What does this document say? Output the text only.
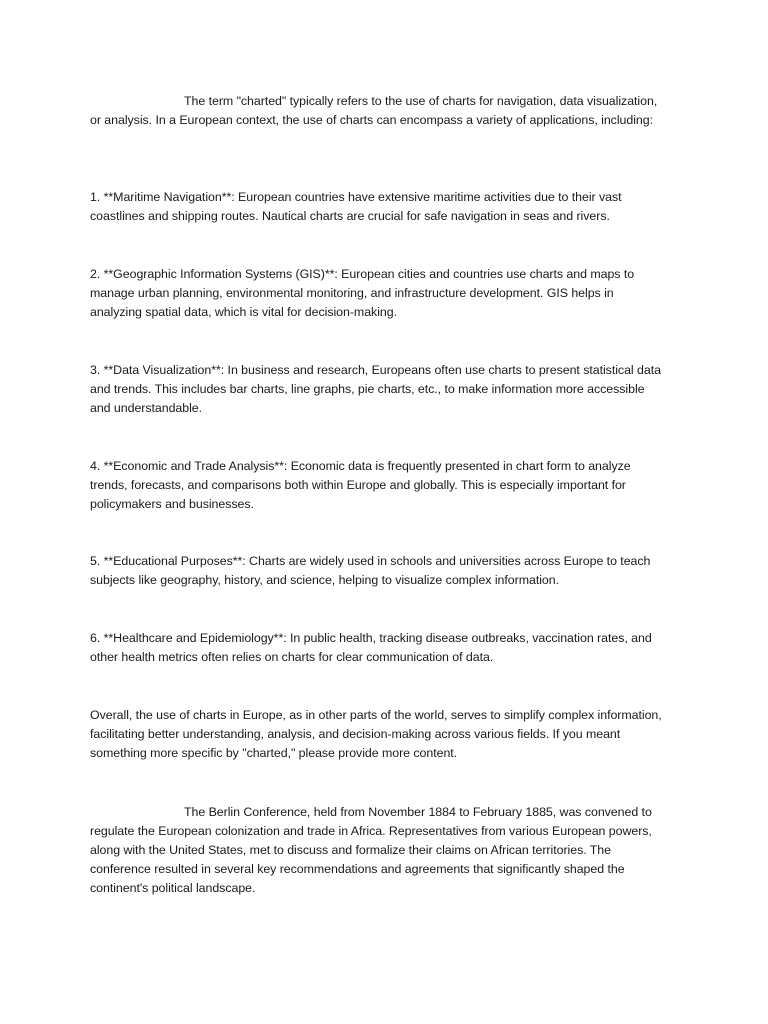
The term "charted" typically refers to the use of charts for navigation, data visualization, or analysis. In a European context, the use of charts can encompass a variety of applications, including:

1. **Maritime Navigation**: European countries have extensive maritime activities due to their vast coastlines and shipping routes. Nautical charts are crucial for safe navigation in seas and rivers.

2. **Geographic Information Systems (GIS)**: European cities and countries use charts and maps to manage urban planning, environmental monitoring, and infrastructure development. GIS helps in analyzing spatial data, which is vital for decision-making.

3. **Data Visualization**: In business and research, Europeans often use charts to present statistical data and trends. This includes bar charts, line graphs, pie charts, etc., to make information more accessible and understandable.

4. **Economic and Trade Analysis**: Economic data is frequently presented in chart form to analyze trends, forecasts, and comparisons both within Europe and globally. This is especially important for policymakers and businesses.

5. **Educational Purposes**: Charts are widely used in schools and universities across Europe to teach subjects like geography, history, and science, helping to visualize complex information.

6. **Healthcare and Epidemiology**: In public health, tracking disease outbreaks, vaccination rates, and other health metrics often relies on charts for clear communication of data.

Overall, the use of charts in Europe, as in other parts of the world, serves to simplify complex information, facilitating better understanding, analysis, and decision-making across various fields. If you meant something more specific by "charted," please provide more content.

The Berlin Conference, held from November 1884 to February 1885, was convened to regulate the European colonization and trade in Africa. Representatives from various European powers, along with the United States, met to discuss and formalize their claims on African territories. The conference resulted in several key recommendations and agreements that significantly shaped the continent's political landscape.
